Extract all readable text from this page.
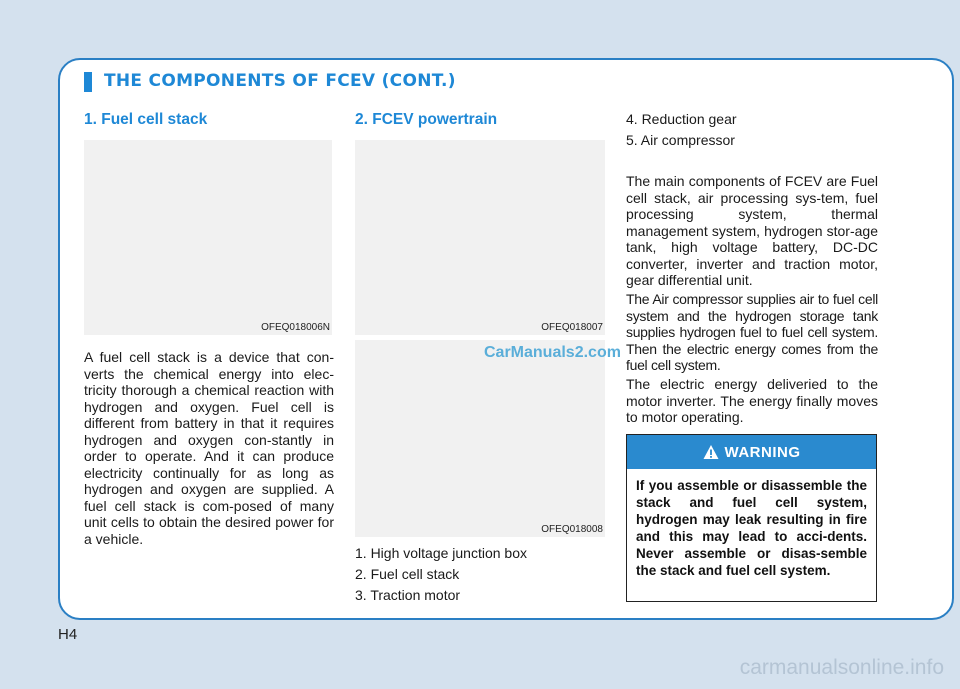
THE COMPONENTS OF FCEV (CONT.)
1. Fuel cell stack
OFEQ018006N
A fuel cell stack is a device that con-verts the chemical energy into elec-tricity thorough a chemical reaction with hydrogen and oxygen. Fuel cell is different from battery in that it requires hydrogen and oxygen con-stantly in order to operate. And it can produce electricity continually for as long as hydrogen and oxygen are supplied. A fuel cell stack is com-posed of many unit cells to obtain the desired power for a vehicle.
2. FCEV powertrain
OFEQ018007
OFEQ018008
CarManuals2.com
1. High voltage junction box
2. Fuel cell stack
3. Traction motor
4. Reduction gear
5. Air compressor
The main components of FCEV are Fuel cell stack, air processing sys-tem, fuel processing system, thermal management system, hydrogen stor-age tank, high voltage battery, DC-DC converter, inverter and traction motor, gear differential unit.
The Air compressor supplies air to fuel cell system and the hydrogen storage tank supplies hydrogen fuel to fuel cell system. Then the electric energy comes from the fuel cell system.
The electric energy deliveried to the motor inverter. The energy finally moves to motor operating.
WARNING
If you assemble or disassemble the stack and fuel cell system, hydrogen may leak resulting in fire and this may lead to acci-dents. Never assemble or disas-semble the stack and fuel cell system.
H4
carmanualsonline.info
